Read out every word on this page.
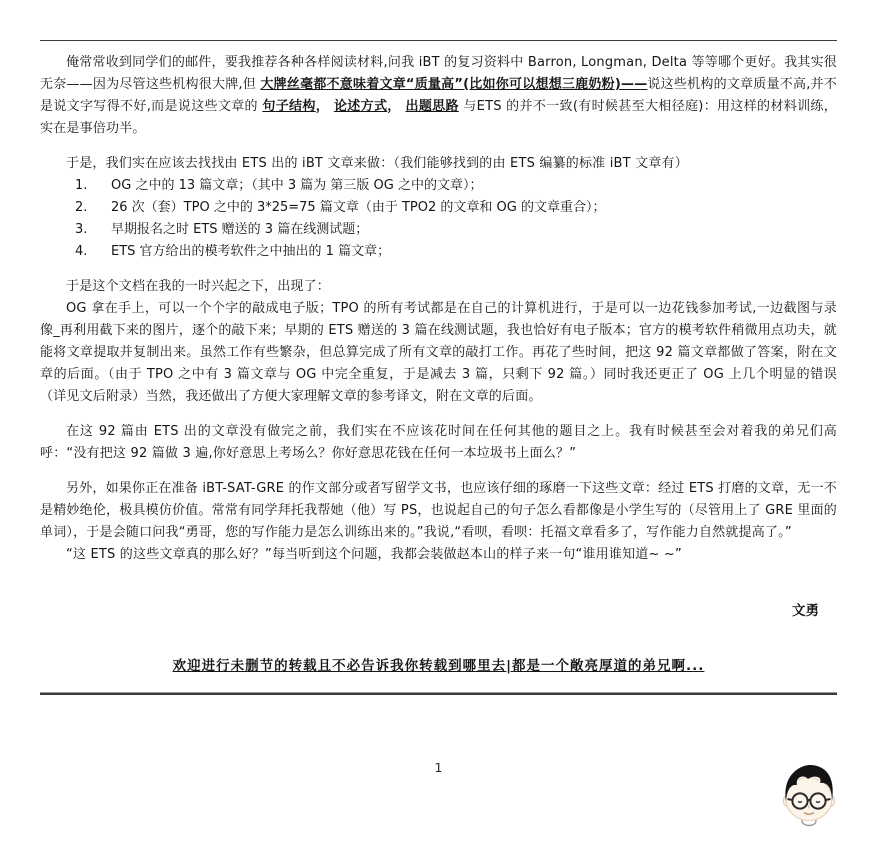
俺常常收到同学们的邮件，要我推荐各种各样阅读材料,问我 iBT 的复习资料中 Barron, Longman, Delta 等等哪个更好。我其实很无奈——因为尽管这些机构很大牌,但 大牌丝毫都不意味着文章“质量高”(比如你可以想想三鹿奶粉)——说这些机构的文章质量不高,并不是说文字写得不好,而是说这些文章的 句子结构， 论述方式， 出题思路 与ETS 的并不一致(有时候甚至大相径庭)：用这样的材料训练，实在是事倍功半。

于是，我们实在应该去找找由 ETS 出的 iBT 文章来做：（我们能够找到的由 ETS 编纂的标准 iBT 文章有）

1. OG 之中的 13 篇文章；（其中 3 篇为 第三版 OG 之中的文章）；
2. 26 次（套）TPO 之中的 3*25=75 篇文章（由于 TPO2 的文章和 OG 的文章重合）；
3. 早期报名之时 ETS 赠送的 3 篇在线测试题；
4. ETS 官方给出的模考软件之中抽出的 1 篇文章；

于是这个文档在我的一时兴起之下，出现了：

OG 拿在手上，可以一个个字的敲成电子版；TPO 的所有考试都是在自己的计算机进行，于是可以一边花钱参加考试,一边截图与录像_再利用截下来的图片，逐个的敲下来；早期的 ETS 赠送的 3 篇在线测试题，我也恰好有电子版本；官方的模考软件稍微用点功夫，就能将文章提取并复制出来。虽然工作有些繁杂，但总算完成了所有文章的敲打工作。再花了些时间，把这 92 篇文章都做了答案，附在文章的后面。（由于 TPO 之中有 3 篇文章与 OG 中完全重复，于是减去 3 篇，只剩下 92 篇。）同时我还更正了 OG 上几个明显的错误（详见文后附录）当然，我还做出了方便大家理解文章的参考译文，附在文章的后面。

在这 92 篇由 ETS 出的文章没有做完之前，我们实在不应该花时间在任何其他的题目之上。我有时候甚至会对着我的弟兄们高呼：“没有把这 92 篇做 3 遍,你好意思上考场么？你好意思花钱在任何一本垃圾书上面么？”

另外，如果你正在准备 iBT-SAT-GRE 的作文部分或者写留学文书，也应该仔细的琢磨一下这些文章：经过 ETS 打磨的文章，无一不是精妙绝伦，极具模仿价值。常常有同学拜托我帮她（他）写 PS，也说起自己的句子怎么看都像是小学生写的（尽管用上了 GRE 里面的单词），于是会随口问我“勇哥，您的写作能力是怎么训练出来的。”我说,“看呗，看呗：托福文章看多了，写作能力自然就提高了。”

“这 ETS 的这些文章真的那么好？”每当听到这个问题，我都会装做赵本山的样子来一句“谁用谁知道~ ~”

文勇
欢迎进行未删节的转载且不必告诉我你转载到哪里去|都是一个敞亮厚道的弟兄啊...
1
